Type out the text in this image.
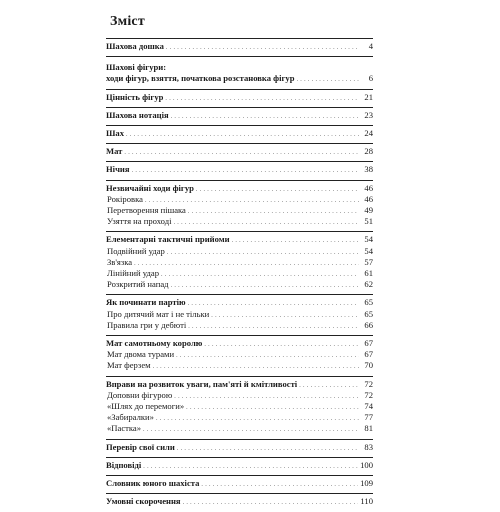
Зміст
Шахова дошка . . .	4
Шахові фігури:
ходи фігур, взяття, початкова розстановка фігур . . .	6
Цінність фігур . . .	21
Шахова нотація . . .	23
Шах . . .	24
Мат . . .	28
Нічия . . .	38
Незвичайні ходи фігур . . .	46
Рокіровка . . .	46
Перетворення пішака . . .	49
Узяття на проході . . .	51
Елементарні тактичні прийоми . . .	54
Подвійний удар . . .	54
Зв'язка . . .	57
Лінійний удар . . .	61
Розкритий напад . . .	62
Як починати партію . . .	65
Про дитячий мат і не тільки . . .	65
Правила гри у дебюті . . .	66
Мат самотньому королю . . .	67
Мат двома турами . . .	67
Мат ферзем . . .	70
Вправи на розвиток уваги, пам'яті й кмітливості . . .	72
Доповни фігурою . . .	72
«Шлях до перемоги» . . .	74
«Забиралки» . . .	77
«Пастка» . . .	81
Перевір свої сили . . .	83
Відповіді . . .	100
Словник юного шахіста . . .	109
Умовні скорочення . . .	110
